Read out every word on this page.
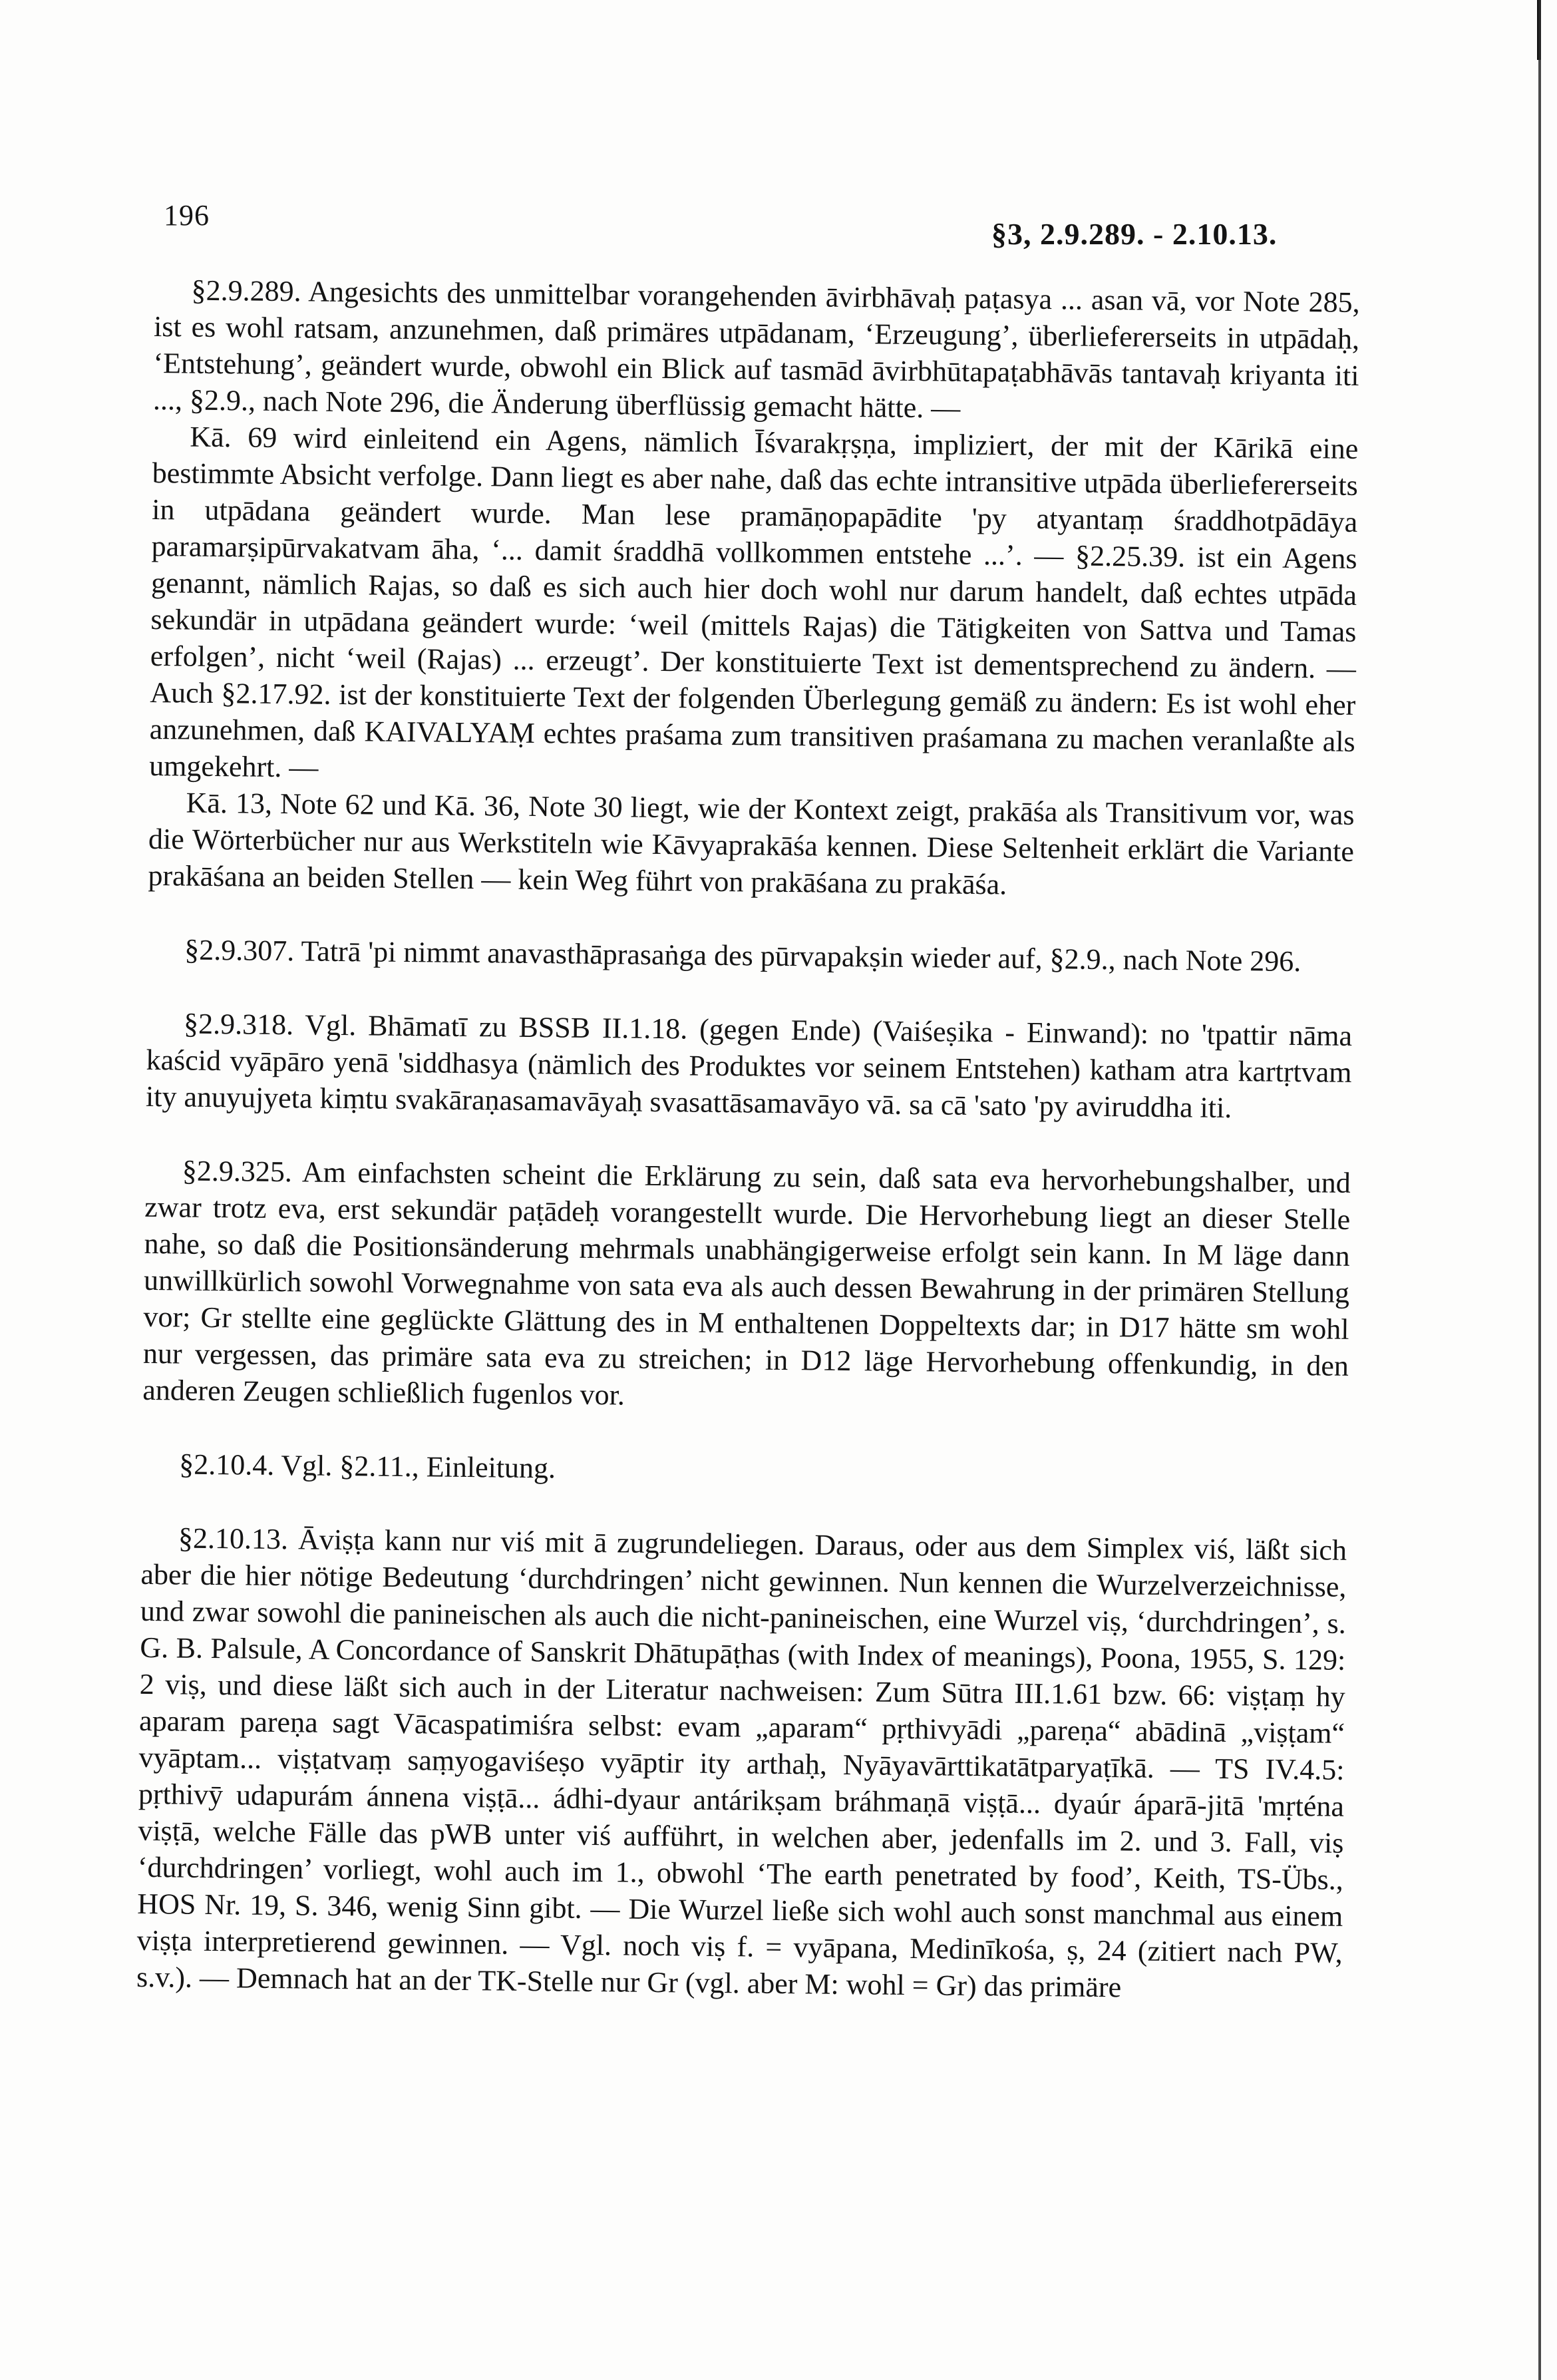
196
§3, 2.9.289. - 2.10.13.

§2.9.289. Angesichts des unmittelbar vorangehenden āvirbhāvaḥ paṭasya ... asan vā, vor Note 285, ist es wohl ratsam, anzunehmen, daß primäres utpādanam, ‘Erzeugung’, überliefererseits in utpādaḥ, ‘Entstehung’, geändert wurde, obwohl ein Blick auf tasmād āvirbhūtapaṭabhāvās tantavaḥ kriyanta iti ..., §2.9., nach Note 296, die Änderung überflüssig gemacht hätte. —

Kā. 69 wird einleitend ein Agens, nämlich Īśvarakṛṣṇa, impliziert, der mit der Kārikā eine bestimmte Absicht verfolge. Dann liegt es aber nahe, daß das echte intransitive utpāda überliefererseits in utpādana geändert wurde. Man lese pramāṇopapādite 'py atyantaṃ śraddhotpādāya paramarṣipūrvakatvam āha, ‘... damit śraddhā vollkommen entstehe ...’. — §2.25.39. ist ein Agens genannt, nämlich Rajas, so daß es sich auch hier doch wohl nur darum handelt, daß echtes utpāda sekundär in utpādana geändert wurde: ‘weil (mittels Rajas) die Tätigkeiten von Sattva und Tamas erfolgen’, nicht ‘weil (Rajas) ... erzeugt’. Der konstituierte Text ist dementsprechend zu ändern. — Auch §2.17.92. ist der konstituierte Text der folgenden Überlegung gemäß zu ändern: Es ist wohl eher anzunehmen, daß KAIVALYAṂ echtes praśama zum transitiven praśamana zu machen veranlaßte als umgekehrt. —

Kā. 13, Note 62 und Kā. 36, Note 30 liegt, wie der Kontext zeigt, prakāśa als Transitivum vor, was die Wörterbücher nur aus Werkstiteln wie Kāvyaprakāśa kennen. Diese Seltenheit erklärt die Variante prakāśana an beiden Stellen — kein Weg führt von prakāśana zu prakāśa.

§2.9.307. Tatrā 'pi nimmt anavasthāprasaṅga des pūrvapakṣin wieder auf, §2.9., nach Note 296.

§2.9.318. Vgl. Bhāmatī zu BSSB II.1.18. (gegen Ende) (Vaiśeṣika - Einwand): no 'tpattir nāma kaścid vyāpāro yenā 'siddhasya (nämlich des Produktes vor seinem Entstehen) katham atra kartṛtvam ity anuyujyeta kiṃtu svakāraṇasamavāyaḥ svasattāsamavāyo vā. sa cā 'sato 'py aviruddha iti.

§2.9.325. Am einfachsten scheint die Erklärung zu sein, daß sata eva hervorhebungshalber, und zwar trotz eva, erst sekundär paṭādeḥ vorangestellt wurde. Die Hervorhebung liegt an dieser Stelle nahe, so daß die Positionsänderung mehrmals unabhängigerweise erfolgt sein kann. In M läge dann unwillkürlich sowohl Vorwegnahme von sata eva als auch dessen Bewahrung in der primären Stellung vor; Gr stellte eine geglückte Glättung des in M enthaltenen Doppeltexts dar; in D17 hätte sm wohl nur vergessen, das primäre sata eva zu streichen; in D12 läge Hervorhebung offenkundig, in den anderen Zeugen schließlich fugenlos vor.

§2.10.4. Vgl. §2.11., Einleitung.

§2.10.13. Āviṣṭa kann nur viś mit ā zugrundeliegen. Daraus, oder aus dem Simplex viś, läßt sich aber die hier nötige Bedeutung ‘durchdringen’ nicht gewinnen. Nun kennen die Wurzelverzeichnisse, und zwar sowohl die panineischen als auch die nicht-panineischen, eine Wurzel viṣ, ‘durchdringen’, s. G. B. Palsule, A Concordance of Sanskrit Dhātupāṭhas (with Index of meanings), Poona, 1955, S. 129: 2 viṣ, und diese läßt sich auch in der Literatur nachweisen: Zum Sūtra III.1.61 bzw. 66: viṣṭaṃ hy aparam pareṇa sagt Vācaspatimiśra selbst: evam „aparam“ pṛthivyādi „pareṇa“ abādinā „viṣṭam“ vyāptam... viṣṭatvaṃ saṃyogaviśeṣo vyāptir ity arthaḥ, Nyāyavārttikatātparyaṭīkā. — TS IV.4.5: pṛthivȳ udapurám ánnena viṣṭā... ádhi-dyaur antárikṣam bráhmaṇā viṣṭā... dyaúr áparā-jitā 'mṛténa viṣṭā, welche Fälle das pWB unter viś aufführt, in welchen aber, jedenfalls im 2. und 3. Fall, viṣ ‘durchdringen’ vorliegt, wohl auch im 1., obwohl ‘The earth penetrated by food’, Keith, TS-Übs., HOS Nr. 19, S. 346, wenig Sinn gibt. — Die Wurzel ließe sich wohl auch sonst manchmal aus einem viṣṭa interpretierend gewinnen. — Vgl. noch viṣ f. = vyāpana, Medinīkośa, ṣ, 24 (zitiert nach PW, s.v.). — Demnach hat an der TK-Stelle nur Gr (vgl. aber M: wohl = Gr) das primäre
